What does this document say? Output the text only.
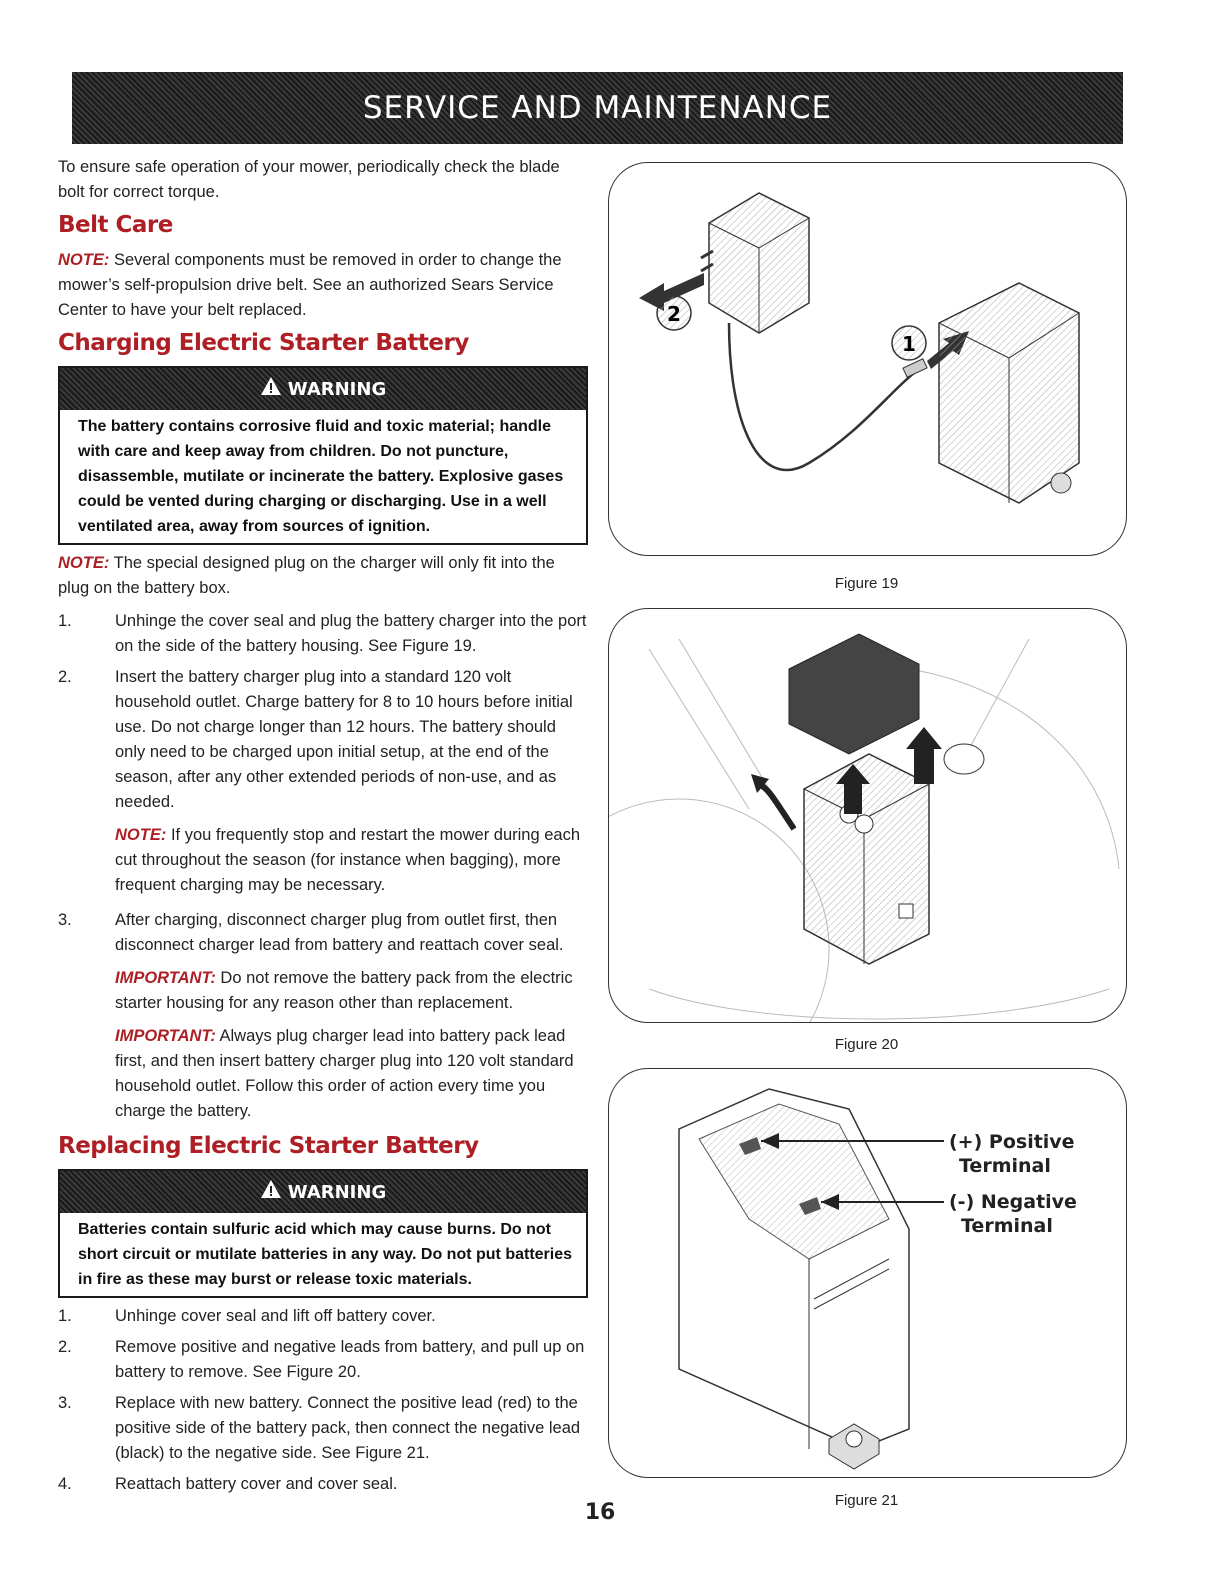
SERVICE AND MAINTENANCE

To ensure safe operation of your mower, periodically check the blade bolt for correct torque.

Belt Care

NOTE: Several components must be removed in order to change the mower’s self-propulsion drive belt. See an authorized Sears Service Center to have your belt replaced.

Charging Electric Starter Battery
WARNING
The battery contains corrosive fluid and toxic material; handle with care and keep away from children. Do not puncture, disassemble, mutilate or incinerate the battery. Explosive gases could be vented during charging or discharging. Use in a well ventilated area, away from sources of ignition.

NOTE: The special designed plug on the charger will only fit into the plug on the battery box.

1.	Unhinge the cover seal and plug the battery charger into the port on the side of the battery housing. See Figure 19.
2.	Insert the battery charger plug into a standard 120 volt household outlet. Charge battery for 8 to 10 hours before initial use. Do not charge longer than 12 hours. The battery should only need to be charged upon initial setup, at the end of the season, after any other extended periods of non-use, and as needed.
NOTE: If you frequently stop and restart the mower during each cut throughout the season (for instance when bagging), more frequent charging may be necessary.
3.	After charging, disconnect charger plug from outlet first, then disconnect charger lead from battery and reattach cover seal.
IMPORTANT: Do not remove the battery pack from the electric starter housing for any reason other than replacement.
IMPORTANT: Always plug charger lead into battery pack lead first, and then insert battery charger plug into 120 volt standard household outlet. Follow this order of action every time you charge the battery.
Replacing Electric Starter Battery
WARNING
Batteries contain sulfuric acid which may cause burns. Do not short circuit or mutilate batteries in any way. Do not put batteries in fire as these may burst or release toxic materials.
1.	Unhinge cover seal and lift off battery cover.
2.	Remove positive and negative leads from battery, and pull up on battery to remove. See Figure 20.
3.	Replace with new battery. Connect the positive lead (red) to the positive side of the battery pack, then connect the negative lead (black) to the negative side. See Figure 21.
4.	Reattach battery cover and cover seal.
2
1
Figure 19
Figure 20
(+) Positive
Terminal
(-) Negative
Terminal
Figure 21
16
